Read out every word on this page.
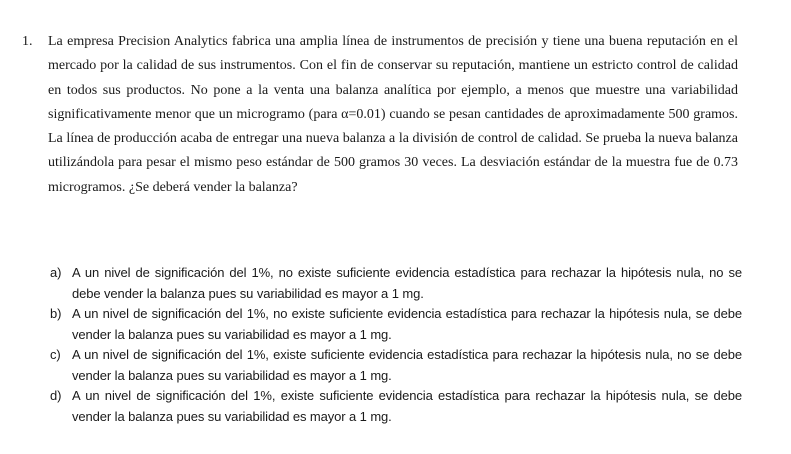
1.	La empresa Precision Analytics fabrica una amplia línea de instrumentos de precisión y tiene una buena reputación en el mercado por la calidad de sus instrumentos. Con el fin de conservar su reputación, mantiene un estricto control de calidad en todos sus productos. No pone a la venta una balanza analítica por ejemplo, a menos que muestre una variabilidad significativamente menor que un microgramo (para α=0.01) cuando se pesan cantidades de aproximadamente 500 gramos. La línea de producción acaba de entregar una nueva balanza a la división de control de calidad. Se prueba la nueva balanza utilizándola para pesar el mismo peso estándar de 500 gramos 30 veces. La desviación estándar de la muestra fue de 0.73 microgramos. ¿Se deberá vender la balanza?
a) A un nivel de significación del 1%, no existe suficiente evidencia estadística para rechazar la hipótesis nula, no se debe vender la balanza pues su variabilidad es mayor a 1 mg.
b) A un nivel de significación del 1%, no existe suficiente evidencia estadística para rechazar la hipótesis nula, se debe vender la balanza pues su variabilidad es mayor a 1 mg.
c) A un nivel de significación del 1%, existe suficiente evidencia estadística para rechazar la hipótesis nula, no se debe vender la balanza pues su variabilidad es mayor a 1 mg.
d) A un nivel de significación del 1%, existe suficiente evidencia estadística para rechazar la hipótesis nula, se debe vender la balanza pues su variabilidad es mayor a 1 mg.
